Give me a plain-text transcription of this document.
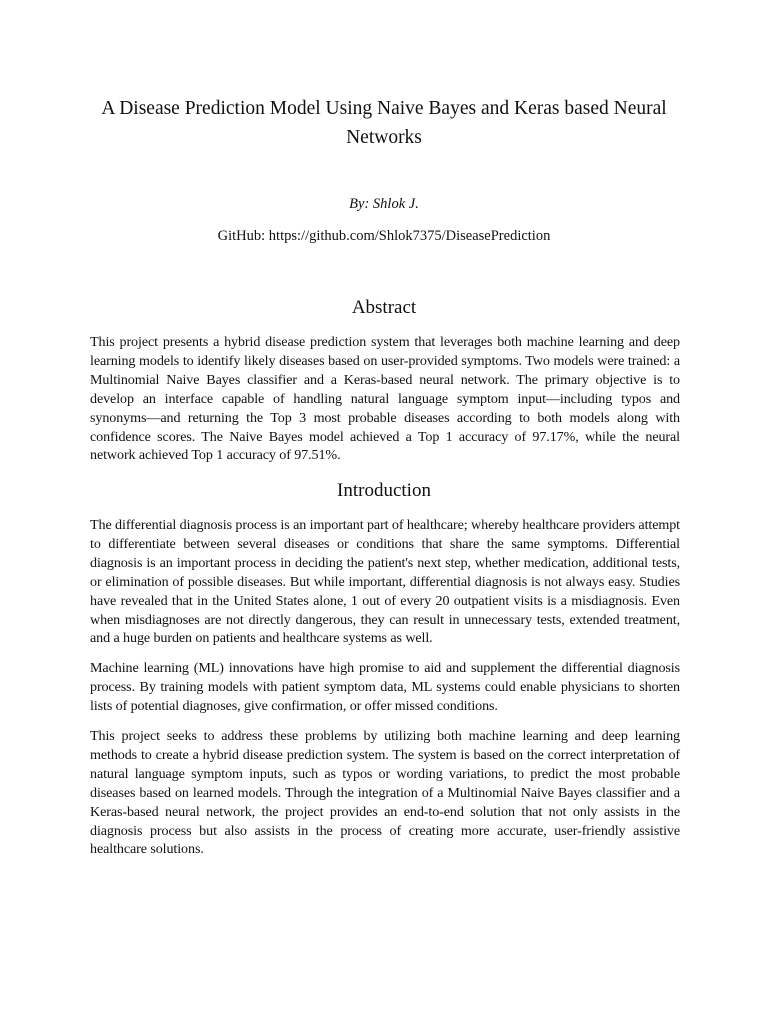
A Disease Prediction Model Using Naive Bayes and Keras based Neural Networks

By: Shlok J.

GitHub: https://github.com/Shlok7375/DiseasePrediction

Abstract

This project presents a hybrid disease prediction system that leverages both machine learning and deep learning models to identify likely diseases based on user-provided symptoms. Two models were trained: a Multinomial Naive Bayes classifier and a Keras-based neural network. The primary objective is to develop an interface capable of handling natural language symptom input—including typos and synonyms—and returning the Top 3 most probable diseases according to both models along with confidence scores. The Naive Bayes model achieved a Top 1 accuracy of 97.17%, while the neural network achieved Top 1 accuracy of 97.51%.

Introduction

The differential diagnosis process is an important part of healthcare; whereby healthcare providers attempt to differentiate between several diseases or conditions that share the same symptoms. Differential diagnosis is an important process in deciding the patient's next step, whether medication, additional tests, or elimination of possible diseases. But while important, differential diagnosis is not always easy. Studies have revealed that in the United States alone, 1 out of every 20 outpatient visits is a misdiagnosis. Even when misdiagnoses are not directly dangerous, they can result in unnecessary tests, extended treatment, and a huge burden on patients and healthcare systems as well.

Machine learning (ML) innovations have high promise to aid and supplement the differential diagnosis process. By training models with patient symptom data, ML systems could enable physicians to shorten lists of potential diagnoses, give confirmation, or offer missed conditions.

This project seeks to address these problems by utilizing both machine learning and deep learning methods to create a hybrid disease prediction system. The system is based on the correct interpretation of natural language symptom inputs, such as typos or wording variations, to predict the most probable diseases based on learned models. Through the integration of a Multinomial Naive Bayes classifier and a Keras-based neural network, the project provides an end-to-end solution that not only assists in the diagnosis process but also assists in the process of creating more accurate, user-friendly assistive healthcare solutions.
